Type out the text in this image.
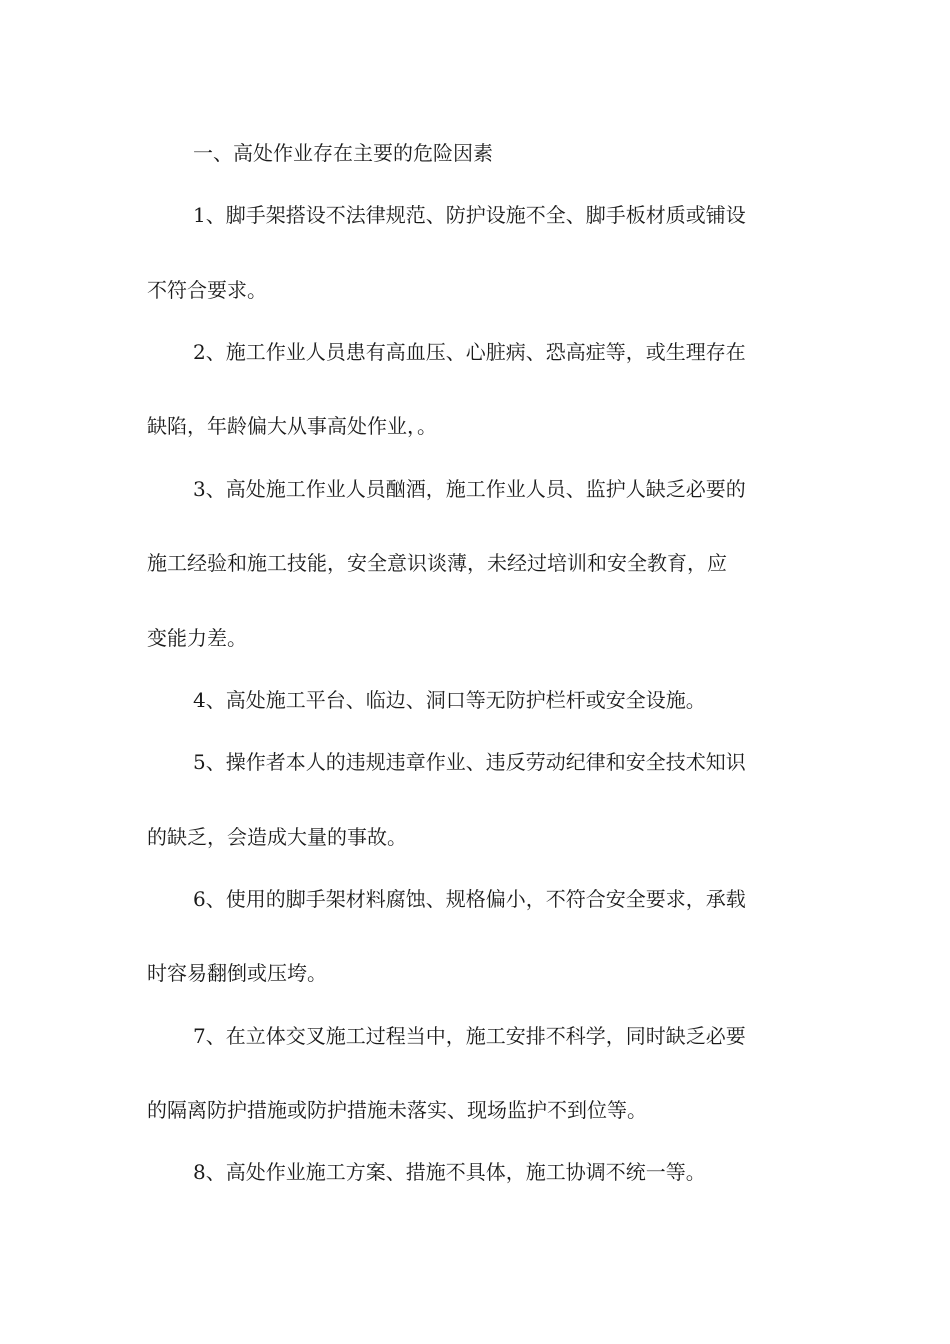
一、高处作业存在主要的危险因素
1、脚手架搭设不法律规范、防护设施不全、脚手板材质或铺设
不符合要求。
2、施工作业人员患有高血压、心脏病、恐高症等，或生理存在
缺陷，年龄偏大从事高处作业，。
3、高处施工作业人员酗酒，施工作业人员、监护人缺乏必要的
施工经验和施工技能，安全意识谈薄，未经过培训和安全教育，应
变能力差。
4、高处施工平台、临边、洞口等无防护栏杆或安全设施。
5、操作者本人的违规违章作业、违反劳动纪律和安全技术知识
的缺乏，会造成大量的事故。
6、使用的脚手架材料腐蚀、规格偏小，不符合安全要求，承载
时容易翻倒或压垮。
7、在立体交叉施工过程当中，施工安排不科学，同时缺乏必要
的隔离防护措施或防护措施未落实、现场监护不到位等。
8、高处作业施工方案、措施不具体，施工协调不统一等。
